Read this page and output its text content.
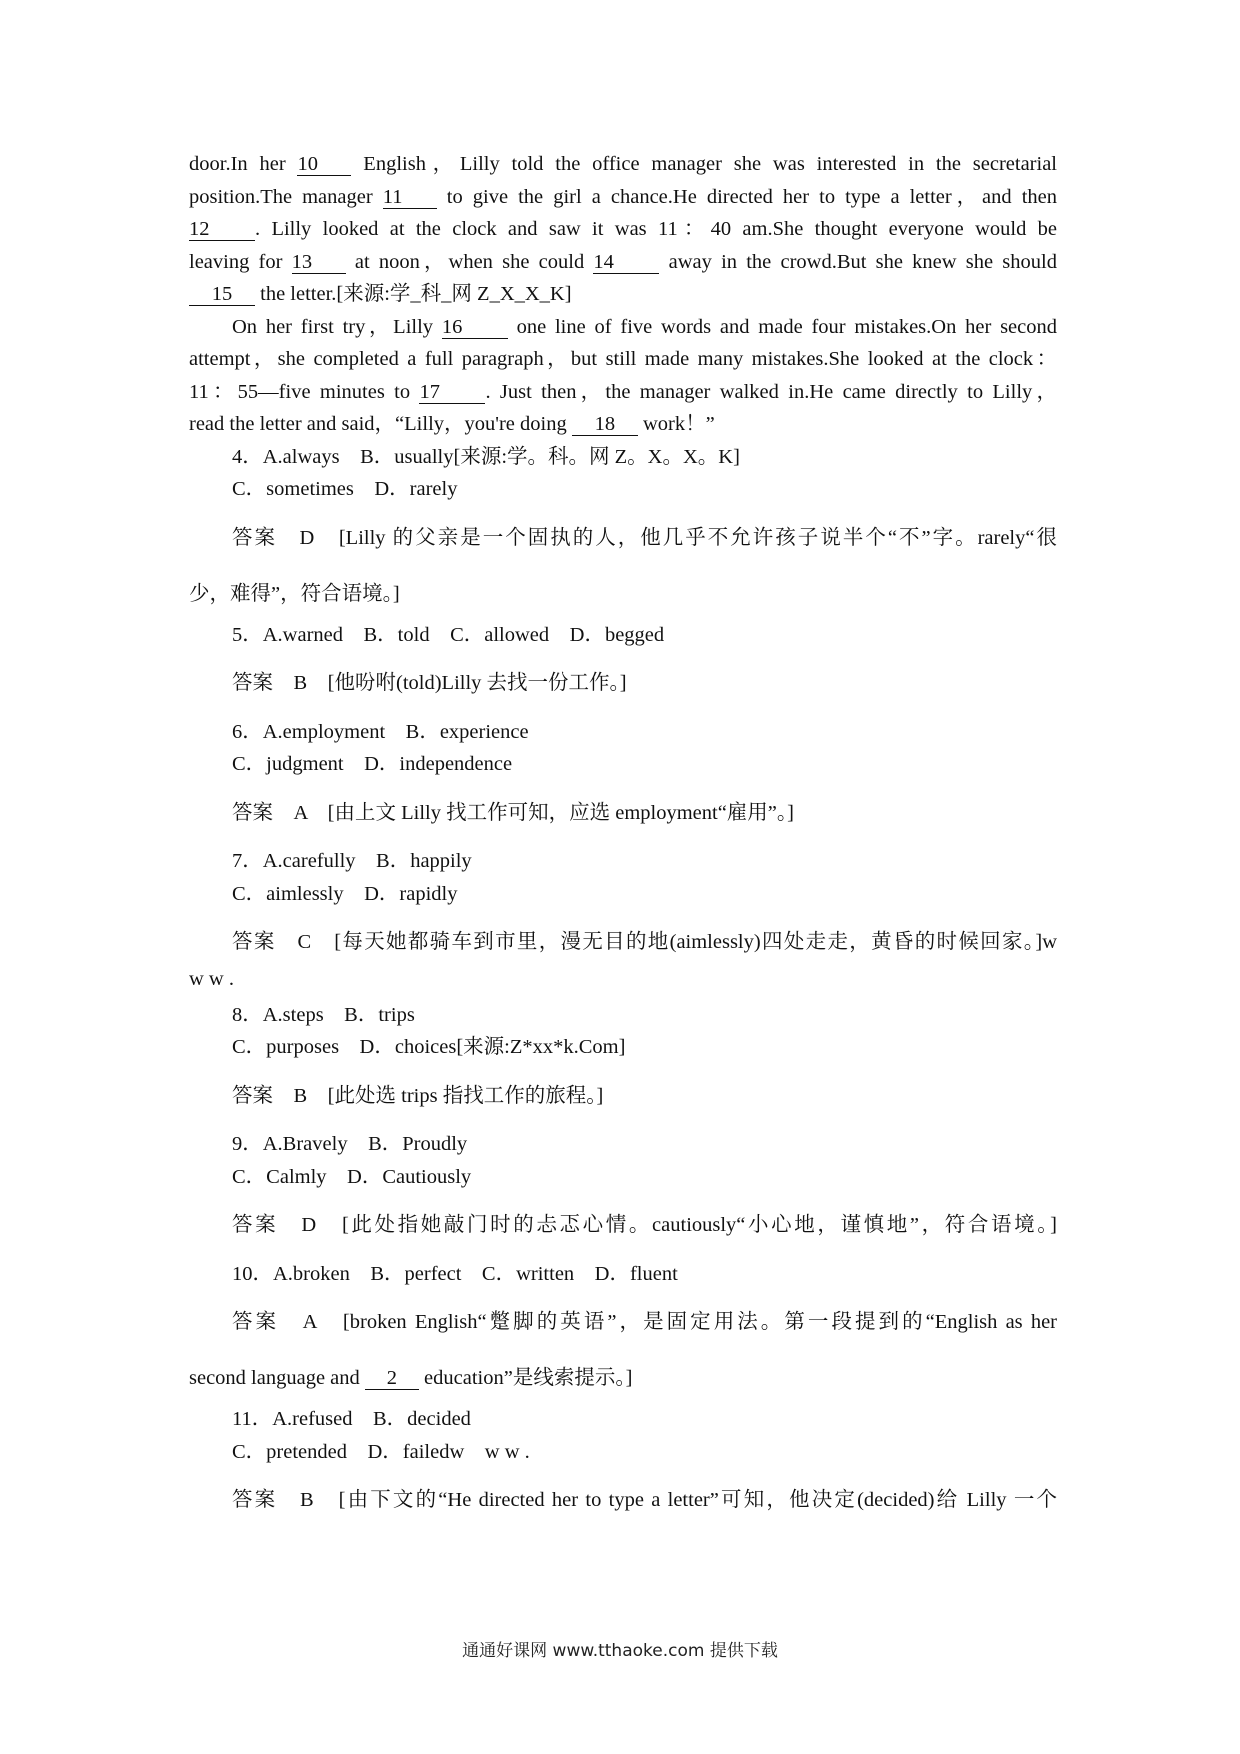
door.In her 10 English，Lilly told the office manager she was interested in the secretarial
position.The manager 11 to give the girl a chance.He directed her to type a letter，and then
12 . Lilly looked at the clock and saw it was 11：40 am.She thought everyone would be
leaving for 13 at noon，when she could 14 away in the crowd.But she knew she should
15 the letter.[来源:学_科_网 Z_X_X_K]
On her first try，Lilly 16 one line of five words and made four mistakes.On her second
attempt，she completed a full paragraph，but still made many mistakes.She looked at the clock：
11：55—five minutes to 17 . Just then，the manager walked in.He came directly to Lilly，
read the letter and said，“Lilly，you're doing 18 work！”
4．A.always　B．usually[来源:学。科。网 Z。X。X。K]
C．sometimes　D．rarely
答案　D　[Lilly 的父亲是一个固执的人，他几乎不允许孩子说半个“不”字。rarely“很
少，难得”，符合语境。]
5．A.warned　B．told　C．allowed　D．begged
答案　B　[他吩咐(told)Lilly 去找一份工作。]
6．A.employment　B．experience
C．judgment　D．independence
答案　A　[由上文 Lilly 找工作可知，应选 employment“雇用”。]
7．A.carefully　B．happily
C．aimlessly　D．rapidly
答案　C　[每天她都骑车到市里，漫无目的地(aimlessly)四处走走，黄昏的时候回家。]w
w w .
8．A.steps　B．trips
C．purposes　D．choices[来源:Z*xx*k.Com]
答案　B　[此处选 trips 指找工作的旅程。]
9．A.Bravely　B．Proudly
C．Calmly　D．Cautiously
答案　D　[此处指她敲门时的忐忑心情。cautiously“小心地，谨慎地”，符合语境。]
10．A.broken　B．perfect　C．written　D．fluent
答案　A　[broken English“蹩脚的英语”，是固定用法。第一段提到的“English as her
second language and 2 education”是线索提示。]
11．A.refused　B．decided
C．pretended　D．failedw　w w .
答案　B　[由下文的“He directed her to type a letter”可知，他决定(decided)给 Lilly 一个
通通好课网 www.tthaoke.com 提供下载
